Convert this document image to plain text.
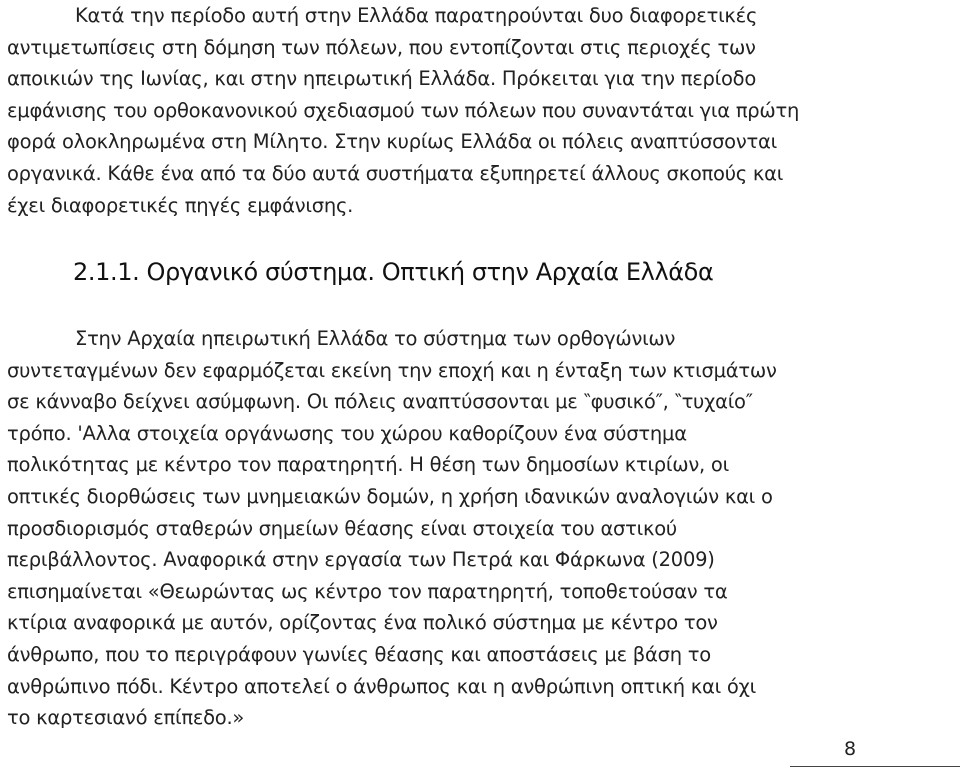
Κατά την περίοδο αυτή στην Ελλάδα παρατηρούνται δυο διαφορετικές αντιμετωπίσεις στη δόμηση των πόλεων, που εντοπίζονται στις περιοχές των αποικιών της Ιωνίας, και στην ηπειρωτική Ελλάδα. Πρόκειται για την περίοδο εμφάνισης του ορθοκανονικού σχεδιασμού των πόλεων που συναντάται για πρώτη φορά ολοκληρωμένα στη Μίλητο. Στην κυρίως Ελλάδα οι πόλεις αναπτύσσονται οργανικά. Κάθε ένα από τα δύο αυτά συστήματα εξυπηρετεί άλλους σκοπούς και έχει διαφορετικές πηγές εμφάνισης.

2.1.1. Οργανικό σύστημα. Οπτική στην Αρχαία Ελλάδα

Στην Αρχαία ηπειρωτική Ελλάδα το σύστημα των ορθογώνιων συντεταγμένων δεν εφαρμόζεται εκείνη την εποχή και η ένταξη των κτισμάτων σε κάνναβο δείχνει ασύμφωνη. Οι πόλεις αναπτύσσονται με ‶φυσικό″, ‶τυχαίο″ τρόπο. 'Αλλα στοιχεία οργάνωσης του χώρου καθορίζουν ένα σύστημα πολικότητας με κέντρο τον παρατηρητή. Η θέση των δημοσίων κτιρίων, οι οπτικές διορθώσεις των μνημειακών δομών, η χρήση ιδανικών αναλογιών και ο προσδιορισμός σταθερών σημείων θέασης είναι στοιχεία του αστικού περιβάλλοντος. Αναφορικά στην εργασία των Πετρά και Φάρκωνα (2009) επισημαίνεται «Θεωρώντας ως κέντρο τον παρατηρητή, τοποθετούσαν τα κτίρια αναφορικά με αυτόν, ορίζοντας ένα πολικό σύστημα με κέντρο τον άνθρωπο, που το περιγράφουν γωνίες θέασης και αποστάσεις με βάση το ανθρώπινο πόδι. Κέντρο αποτελεί ο άνθρωπος και η ανθρώπινη οπτική και όχι το καρτεσιανό επίπεδο.»

8
